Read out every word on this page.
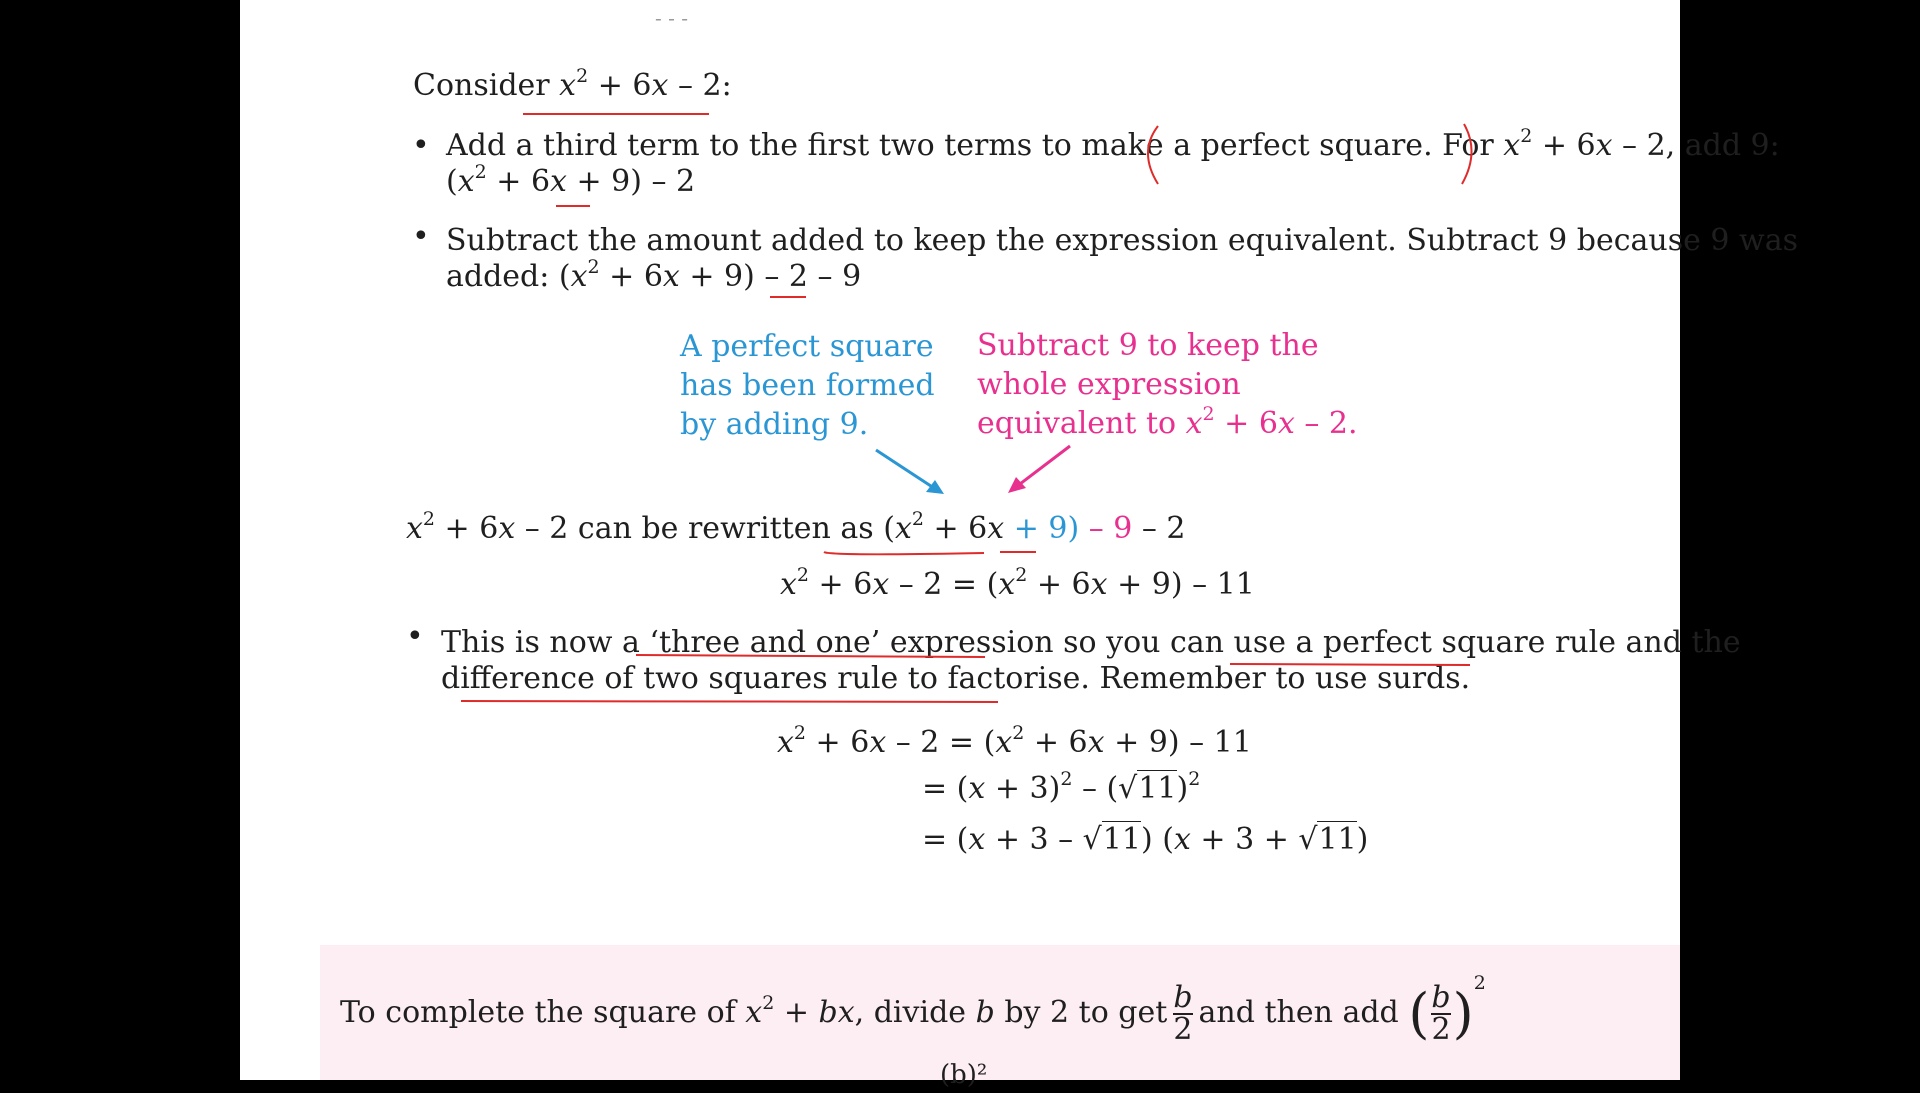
- - -
Consider $x^2 + 6x - 2$:
• Add a third term to the first two terms to make a perfect square. For $x^2 + 6x - 2$, add 9:
$(x^2 + 6x + 9) - 2$
• Subtract the amount added to keep the expression equivalent. Subtract 9 because 9 was
added: $(x^2 + 6x + 9) - 2 - 9$
A perfect square
has been formed
by adding 9.
Subtract 9 to keep the
whole expression
equivalent to $x^2 + 6x - 2$.
$x^2 + 6x - 2$ can be rewritten as $(x^2 + 6x + 9) - 9 - 2$
$x^2 + 6x - 2 = (x^2 + 6x + 9) - 11$
• This is now a ‘three and one’ expression so you can use a perfect square rule and the
difference of two squares rule to factorise. Remember to use surds.
$x^2 + 6x - 2 = (x^2 + 6x + 9) - 11$
= $(x + 3)^2 - (√11)^2$
= (x + 3 – √11) (x + 3 + √11)
To complete the square of $x^2$ + bx, divide b by 2 to get $\frac{b}{2}$ and then add ( $\frac{b}{2} )^2$
(b)²
